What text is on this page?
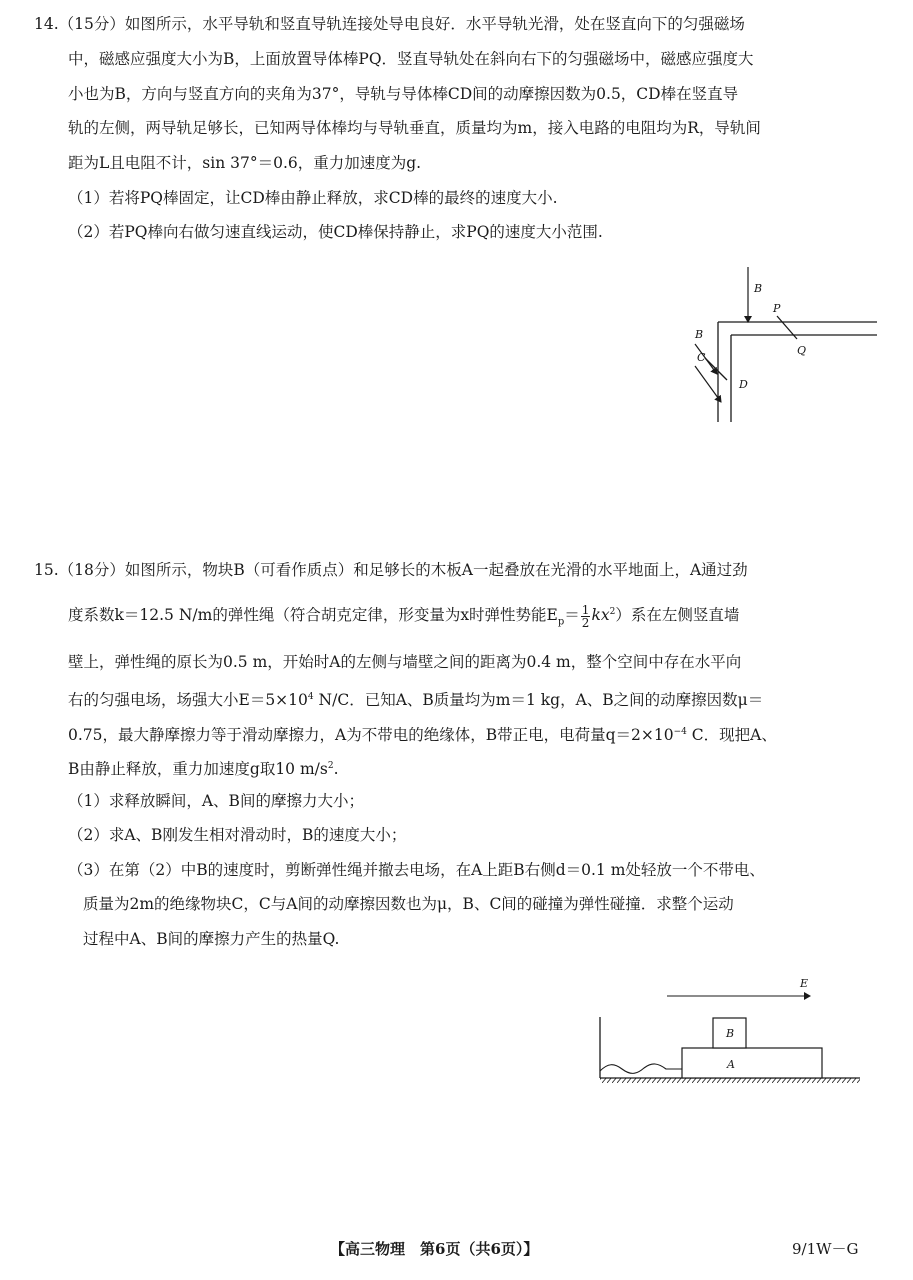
14.（15分）如图所示，水平导轨和竖直导轨连接处导电良好．水平导轨光滑，处在竖直向下的匀强磁场
中，磁感应强度大小为B，上面放置导体棒PQ．竖直导轨处在斜向右下的匀强磁场中，磁感应强度大
小也为B，方向与竖直方向的夹角为37°，导轨与导体棒CD间的动摩擦因数为0.5，CD棒在竖直导
轨的左侧，两导轨足够长，已知两导体棒均与导轨垂直，质量均为m，接入电路的电阻均为R，导轨间
距为L且电阻不计，sin 37°＝0.6，重力加速度为g.
（1）若将PQ棒固定，让CD棒由静止释放，求CD棒的最终的速度大小.
（2）若PQ棒向右做匀速直线运动，使CD棒保持静止，求PQ的速度大小范围.
B
P
Q
B
C
D
15.（18分）如图所示，物块B（可看作质点）和足够长的木板A一起叠放在光滑的水平地面上，A通过劲
度系数k＝12.5 N/m的弹性绳（符合胡克定律，形变量为x时弹性势能$E_p= \frac{1}{2} kx^2$）系在左侧竖直墙
壁上，弹性绳的原长为0.5 m，开始时A的左侧与墙壁之间的距离为0.4 m，整个空间中存在水平向
右的匀强电场，场强大小$E=5\times 10^4$ N/C．已知A、B质量均为m＝1 kg，A、B之间的动摩擦因数μ＝
0.75，最大静摩擦力等于滑动摩擦力，A为不带电的绝缘体，B带正电，电荷量$q=2\times 10^{-4}$ C．现把A、
B由静止释放，重力加速度g取10 $m/s^2$.
（1）求释放瞬间，A、B间的摩擦力大小；
（2）求A、B刚发生相对滑动时，B的速度大小；
（3）在第（2）中B的速度时，剪断弹性绳并撤去电场，在A上距B右侧d＝0.1 m处轻放一个不带电、
质量为2m的绝缘物块C，C与A间的动摩擦因数也为μ，B、C间的碰撞为弹性碰撞．求整个运动
过程中A、B间的摩擦力产生的热量Q.
E
A
B
【高三物理　第6页（共6页）】	9/1W－G
